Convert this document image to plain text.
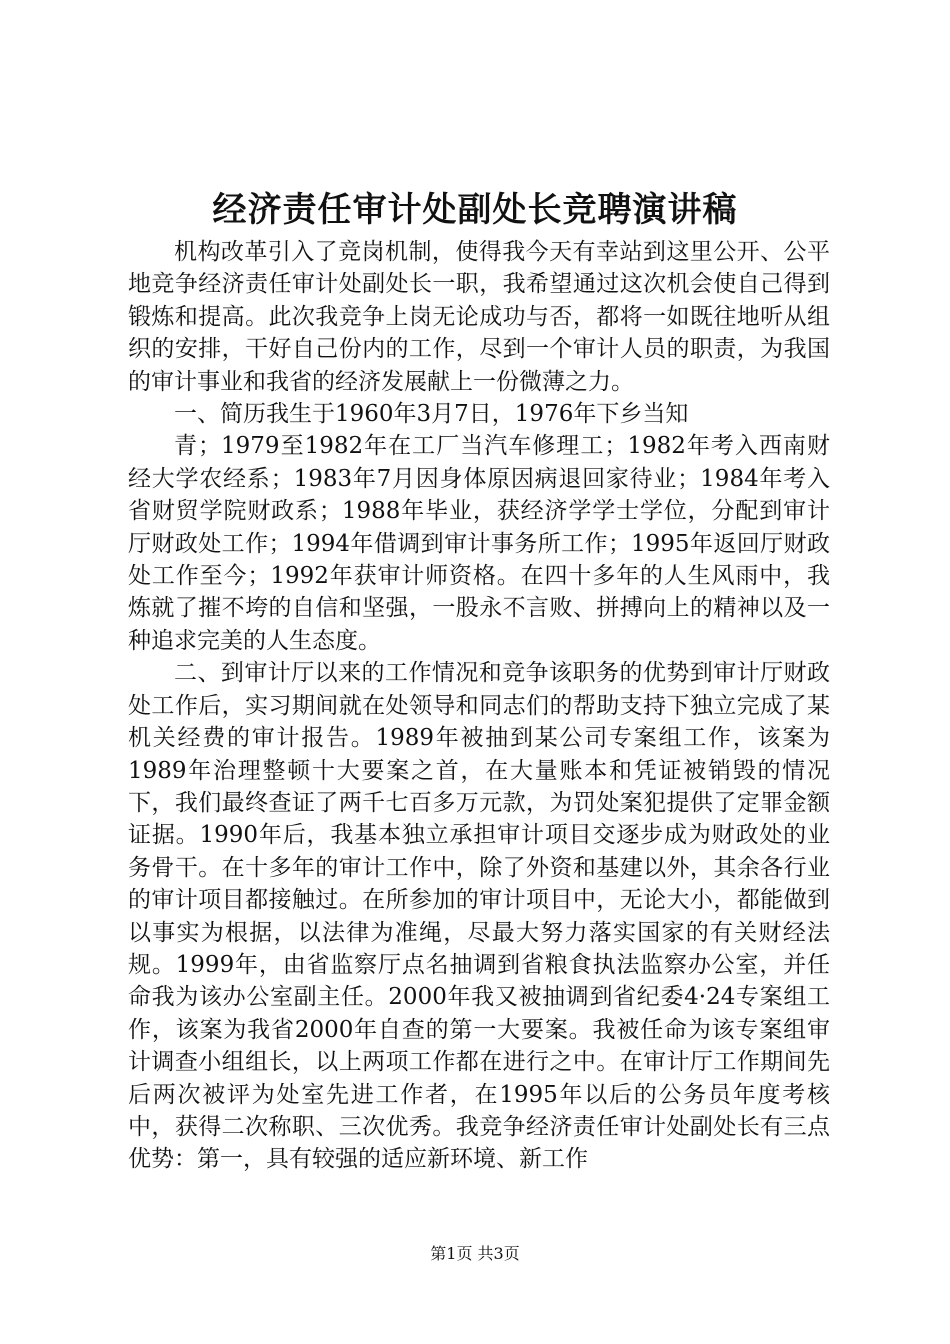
经济责任审计处副处长竞聘演讲稿

机构改革引入了竞岗机制，使得我今天有幸站到这里公开、公平地竞争经济责任审计处副处长一职，我希望通过这次机会使自己得到锻炼和提高。此次我竞争上岗无论成功与否，都将一如既往地听从组织的安排，干好自己份内的工作，尽到一个审计人员的职责，为我国的审计事业和我省的经济发展献上一份微薄之力。

一、简历我生于1960年3月7日，1976年下乡当知

青；1979至1982年在工厂当汽车修理工；1982年考入西南财经大学农经系；1983年7月因身体原因病退回家待业；1984年考入省财贸学院财政系；1988年毕业，获经济学学士学位，分配到审计厅财政处工作；1994年借调到审计事务所工作；1995年返回厅财政处工作至今；1992年获审计师资格。在四十多年的人生风雨中，我炼就了摧不垮的自信和坚强，一股永不言败、拼搏向上的精神以及一种追求完美的人生态度。

二、到审计厅以来的工作情况和竞争该职务的优势到审计厅财政处工作后，实习期间就在处领导和同志们的帮助支持下独立完成了某机关经费的审计报告。1989年被抽到某公司专案组工作，该案为1989年治理整顿十大要案之首，在大量账本和凭证被销毁的情况下，我们最终查证了两千七百多万元款，为罚处案犯提供了定罪金额证据。1990年后，我基本独立承担审计项目交逐步成为财政处的业务骨干。在十多年的审计工作中，除了外资和基建以外，其余各行业的审计项目都接触过。在所参加的审计项目中，无论大小，都能做到以事实为根据，以法律为准绳，尽最大努力落实国家的有关财经法规。1999年，由省监察厅点名抽调到省粮食执法监察办公室，并任命我为该办公室副主任。2000年我又被抽调到省纪委4·24专案组工作，该案为我省2000年自查的第一大要案。我被任命为该专案组审计调查小组组长，以上两项工作都在进行之中。在审计厅工作期间先后两次被评为处室先进工作者，在1995年以后的公务员年度考核中，获得二次称职、三次优秀。我竞争经济责任审计处副处长有三点优势：第一，具有较强的适应新环境、新工作

第1页 共3页
